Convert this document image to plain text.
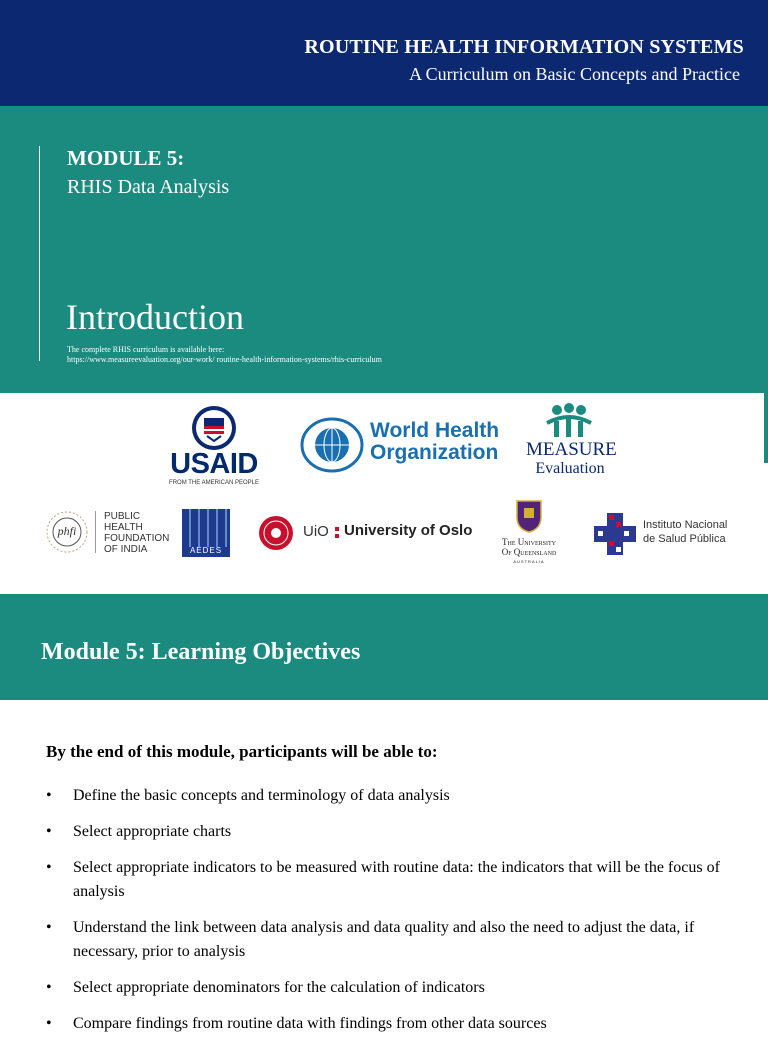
ROUTINE HEALTH INFORMATION SYSTEMS
A Curriculum on Basic Concepts and Practice
MODULE 5:
RHIS Data Analysis
Introduction
The complete RHIS curriculum is available here:
https://www.measureevaluation.org/our-work/ routine-health-information-systems/rhis-curriculum
USAID
FROM THE AMERICAN PEOPLE
World Health
Organization MEASURE
Evaluation
phfi
PUBLIC
HEALTH
FOUNDATION
OF INDIA	AEDES
UiO University of Oslo
The University
Of Queensland
AUSTRALIA
Instituto Nacional
de Salud Pública
Module 5: Learning Objectives
By the end of this module, participants will be able to:
• Define the basic concepts and terminology of data analysis
• Select appropriate charts
• Select appropriate indicators to be measured with routine data: the indicators that will be the focus of analysis
• Understand the link between data analysis and data quality and also the need to adjust the data, if necessary, prior to analysis
• Select appropriate denominators for the calculation of indicators
• Compare findings from routine data with findings from other data sources
